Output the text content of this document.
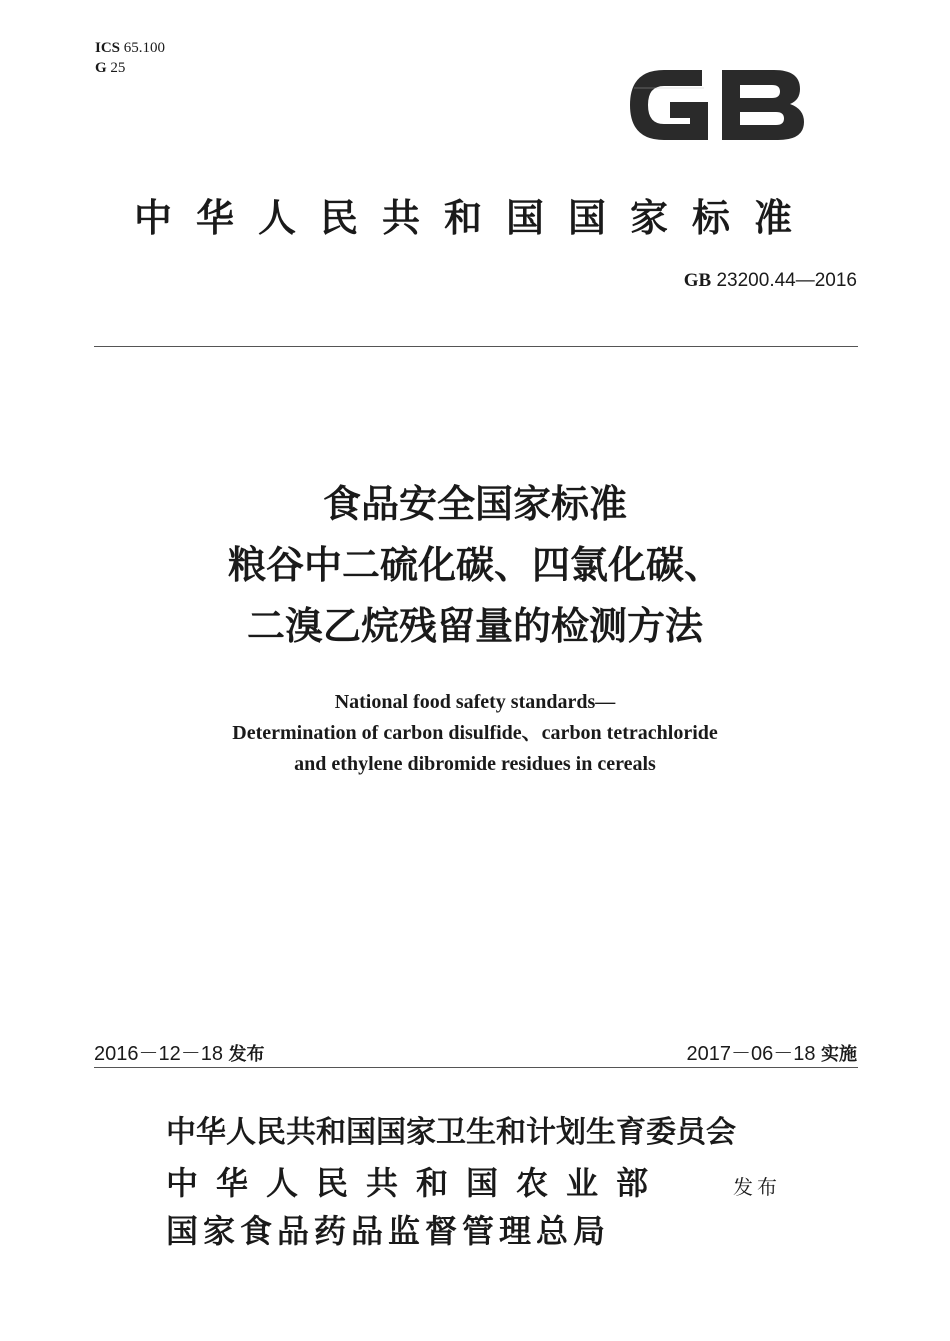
ICS 65.100
G 25
中华人民共和国国家标准
GB 23200.44—2016
食品安全国家标准
粮谷中二硫化碳、四氯化碳、
二溴乙烷残留量的检测方法
National food safety standards—
Determination of carbon disulfide、carbon tetrachloride
and ethylene dibromide residues in cereals
2016－12－18 发布	2017－06－18 实施
中华人民共和国国家卫生和计划生育委员会
中华人民共和国农业部
国家食品药品监督管理总局
发布
